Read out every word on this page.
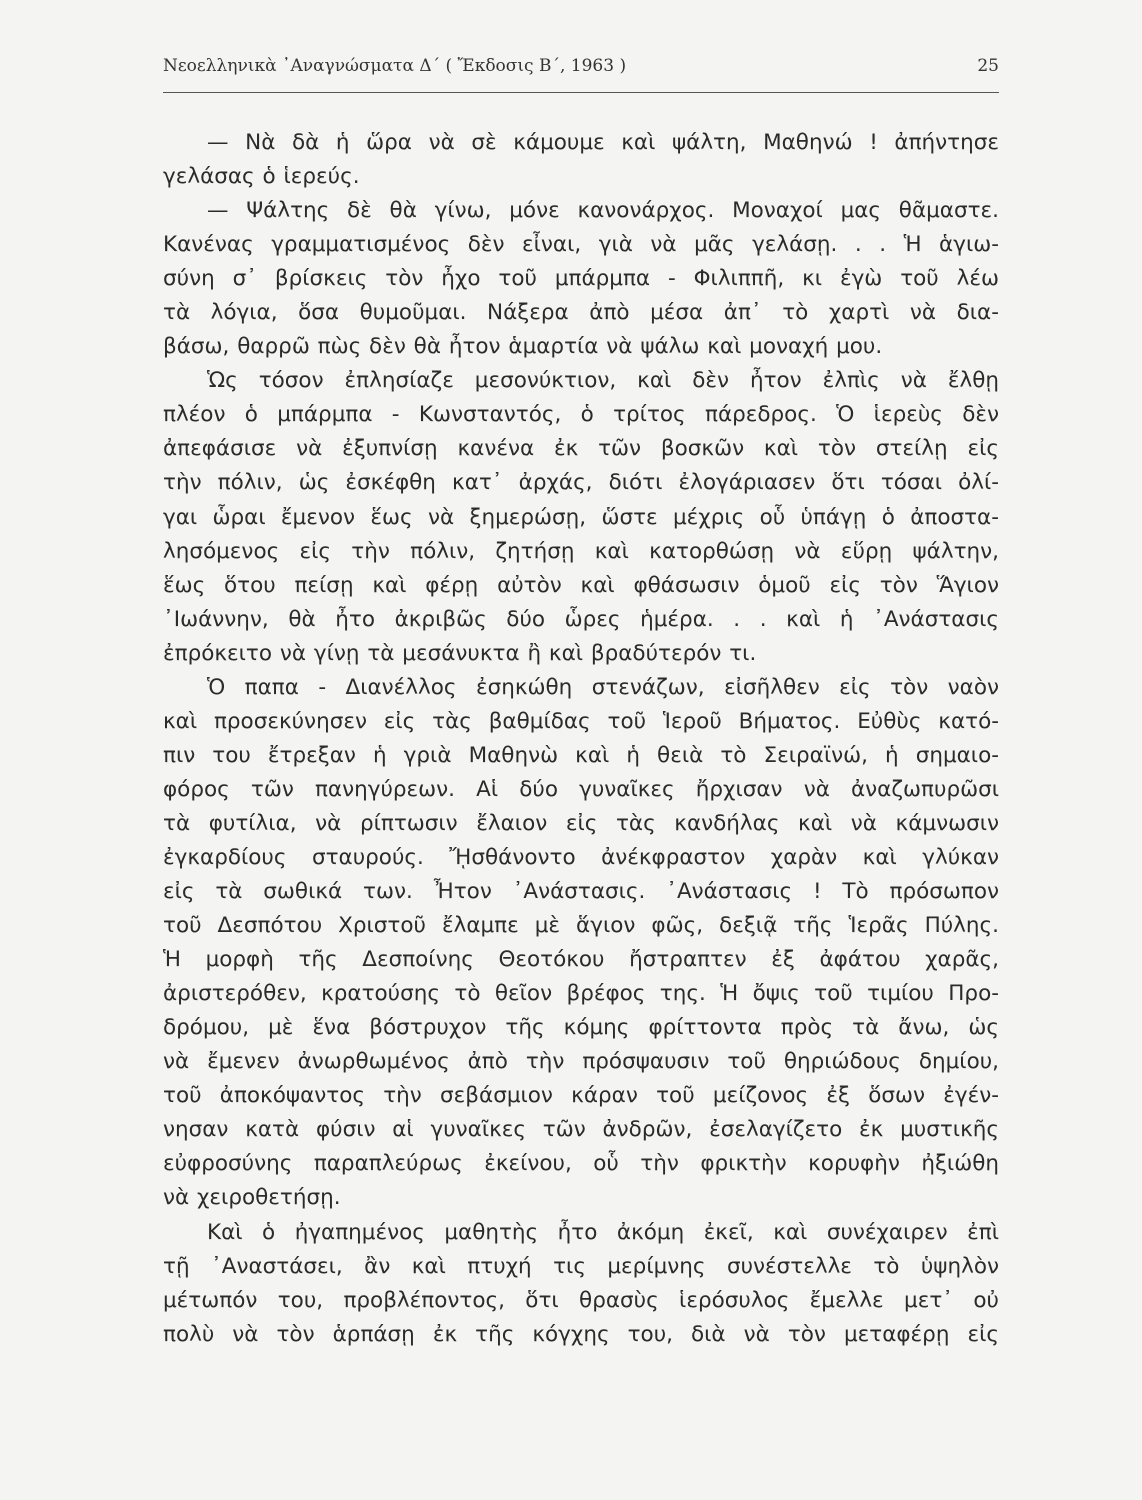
Νεοελληνικὰ ᾿Αναγνώσματα Δ΄ ( Ἔκδοσις Β΄, 1963 )	25
— Νὰ δὰ ἡ ὥρα νὰ σὲ κάμουμε καὶ ψάλτη, Μαθηνώ ! ἀπήντησε
γελάσας ὁ ἱερεύς.
— Ψάλτης δὲ θὰ γίνω, μόνε κανονάρχος. Μοναχοί μας θᾶμαστε.
Κανένας γραμματισμένος δὲν εἶναι, γιὰ νὰ μᾶς γελάσῃ. . . Ἡ ἁγιω-
σύνη σ᾿ βρίσκεις τὸν ἦχο τοῦ μπάρμπα - Φιλιππῆ, κι ἐγὼ τοῦ λέω
τὰ λόγια, ὅσα θυμοῦμαι. Νάξερα ἀπὸ μέσα ἀπ᾿ τὸ χαρτὶ νὰ δια-
βάσω, θαρρῶ πὼς δὲν θὰ ἦτον ἁμαρτία νὰ ψάλω καὶ μοναχή μου.
Ὡς τόσον ἐπλησίαζε μεσονύκτιον, καὶ δὲν ἦτον ἐλπὶς νὰ ἔλθῃ
πλέον ὁ μπάρμπα - Κωνσταντός, ὁ τρίτος πάρεδρος. Ὁ ἱερεὺς δὲν
ἀπεφάσισε νὰ ἐξυπνίσῃ κανένα ἐκ τῶν βοσκῶν καὶ τὸν στείλῃ εἰς
τὴν πόλιν, ὡς ἐσκέφθη κατ᾿ ἀρχάς, διότι ἐλογάριασεν ὅτι τόσαι ὀλί-
γαι ὧραι ἔμενον ἕως νὰ ξημερώσῃ, ὥστε μέχρις οὗ ὑπάγῃ ὁ ἀποστα-
λησόμενος εἰς τὴν πόλιν, ζητήσῃ καὶ κατορθώσῃ νὰ εὕρῃ ψάλτην,
ἕως ὅτου πείσῃ καὶ φέρῃ αὐτὸν καὶ φθάσωσιν ὁμοῦ εἰς τὸν Ἅγιον
᾿Ιωάννην, θὰ ἦτο ἀκριβῶς δύο ὧρες ἡμέρα. . . καὶ ἡ ᾿Ανάστασις
ἐπρόκειτο νὰ γίνῃ τὰ μεσάνυκτα ἢ καὶ βραδύτερόν τι.
Ὁ παπα - Διανέλλος ἐσηκώθη στενάζων, εἰσῆλθεν εἰς τὸν ναὸν
καὶ προσεκύνησεν εἰς τὰς βαθμίδας τοῦ Ἱεροῦ Βήματος. Εὐθὺς κατό-
πιν του ἔτρεξαν ἡ γριὰ Μαθηνὼ καὶ ἡ θειὰ τὸ Σειραϊνώ, ἡ σημαιο-
φόρος τῶν πανηγύρεων. Αἱ δύο γυναῖκες ἤρχισαν νὰ ἀναζωπυρῶσι
τὰ φυτίλια, νὰ ρίπτωσιν ἔλαιον εἰς τὰς κανδήλας καὶ νὰ κάμνωσιν
ἐγκαρδίους σταυρούς. ᾜσθάνοντο ἀνέκφραστον χαρὰν καὶ γλύκαν
εἰς τὰ σωθικά των. Ἦτον ᾿Ανάστασις. ᾿Ανάστασις ! Τὸ πρόσωπον
τοῦ Δεσπότου Χριστοῦ ἔλαμπε μὲ ἅγιον φῶς, δεξιᾷ τῆς Ἱερᾶς Πύλης.
Ἡ μορφὴ τῆς Δεσποίνης Θεοτόκου ἤστραπτεν ἐξ ἀφάτου χαρᾶς,
ἀριστερόθεν, κρατούσης τὸ θεῖον βρέφος της. Ἡ ὄψις τοῦ τιμίου Προ-
δρόμου, μὲ ἕνα βόστρυχον τῆς κόμης φρίττοντα πρὸς τὰ ἄνω, ὡς
νὰ ἔμενεν ἀνωρθωμένος ἀπὸ τὴν πρόσψαυσιν τοῦ θηριώδους δημίου,
τοῦ ἀποκόψαντος τὴν σεβάσμιον κάραν τοῦ μείζονος ἐξ ὅσων ἐγέν-
νησαν κατὰ φύσιν αἱ γυναῖκες τῶν ἀνδρῶν, ἐσελαγίζετο ἐκ μυστικῆς
εὐφροσύνης παραπλεύρως ἐκείνου, οὗ τὴν φρικτὴν κορυφὴν ἠξιώθη
νὰ χειροθετήσῃ.
Καὶ ὁ ἠγαπημένος μαθητὴς ἦτο ἀκόμη ἐκεῖ, καὶ συνέχαιρεν ἐπὶ
τῇ ᾿Αναστάσει, ἂν καὶ πτυχή τις μερίμνης συνέστελλε τὸ ὑψηλὸν
μέτωπόν του, προβλέποντος, ὅτι θρασὺς ἱερόσυλος ἔμελλε μετ᾿ οὐ
πολὺ νὰ τὸν ἁρπάσῃ ἐκ τῆς κόγχης του, διὰ νὰ τὸν μεταφέρῃ εἰς
